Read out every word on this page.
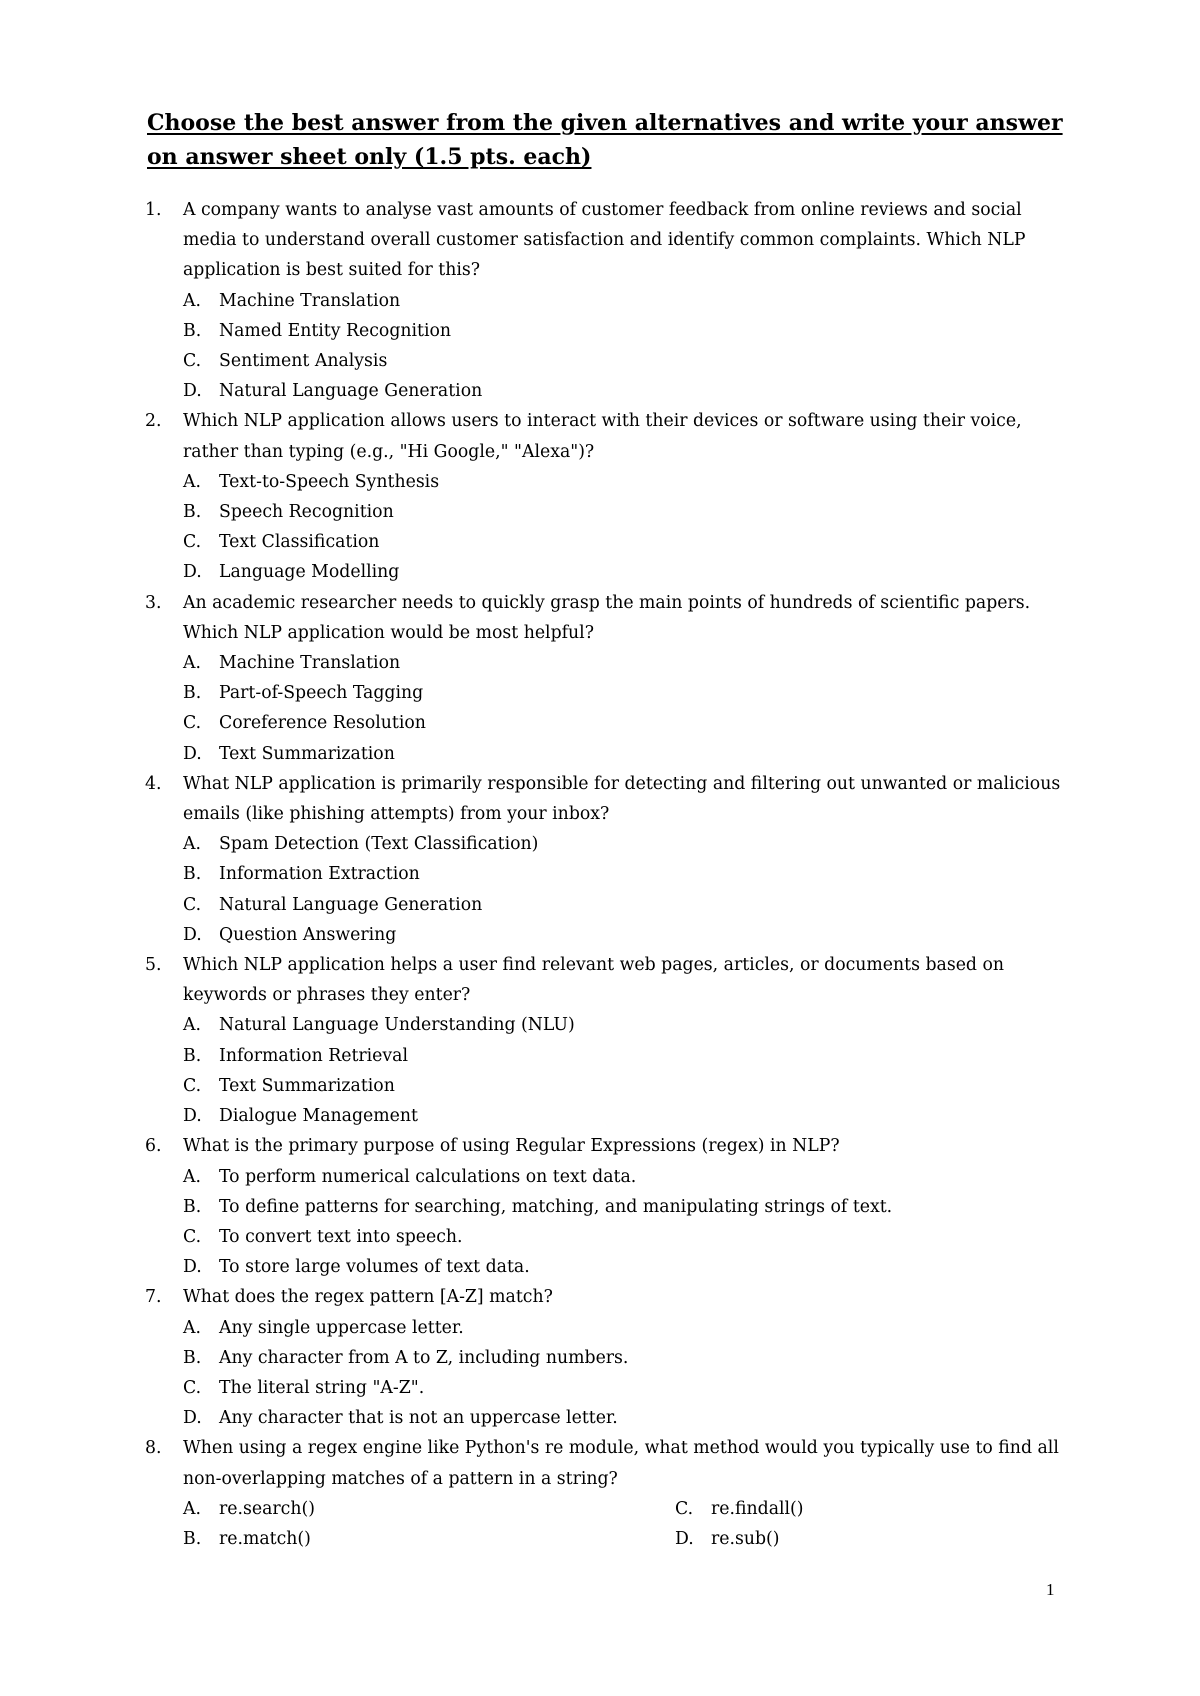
Choose the best answer from the given alternatives and write your answer on answer sheet only (1.5 pts. each)
1. A company wants to analyse vast amounts of customer feedback from online reviews and social media to understand overall customer satisfaction and identify common complaints. Which NLP application is best suited for this?
A. Machine Translation
B. Named Entity Recognition
C. Sentiment Analysis
D. Natural Language Generation
2. Which NLP application allows users to interact with their devices or software using their voice, rather than typing (e.g., "Hi Google," "Alexa")?
A. Text-to-Speech Synthesis
B. Speech Recognition
C. Text Classification
D. Language Modelling
3. An academic researcher needs to quickly grasp the main points of hundreds of scientific papers. Which NLP application would be most helpful?
A. Machine Translation
B. Part-of-Speech Tagging
C. Coreference Resolution
D. Text Summarization
4. What NLP application is primarily responsible for detecting and filtering out unwanted or malicious emails (like phishing attempts) from your inbox?
A. Spam Detection (Text Classification)
B. Information Extraction
C. Natural Language Generation
D. Question Answering
5. Which NLP application helps a user find relevant web pages, articles, or documents based on keywords or phrases they enter?
A. Natural Language Understanding (NLU)
B. Information Retrieval
C. Text Summarization
D. Dialogue Management
6. What is the primary purpose of using Regular Expressions (regex) in NLP?
A. To perform numerical calculations on text data.
B. To define patterns for searching, matching, and manipulating strings of text.
C. To convert text into speech.
D. To store large volumes of text data.
7. What does the regex pattern [A-Z] match?
A. Any single uppercase letter.
B. Any character from A to Z, including numbers.
C. The literal string "A-Z".
D. Any character that is not an uppercase letter.
8. When using a regex engine like Python's re module, what method would you typically use to find all non-overlapping matches of a pattern in a string?
A. re.search()	C. re.findall()
B. re.match()	D. re.sub()
1
